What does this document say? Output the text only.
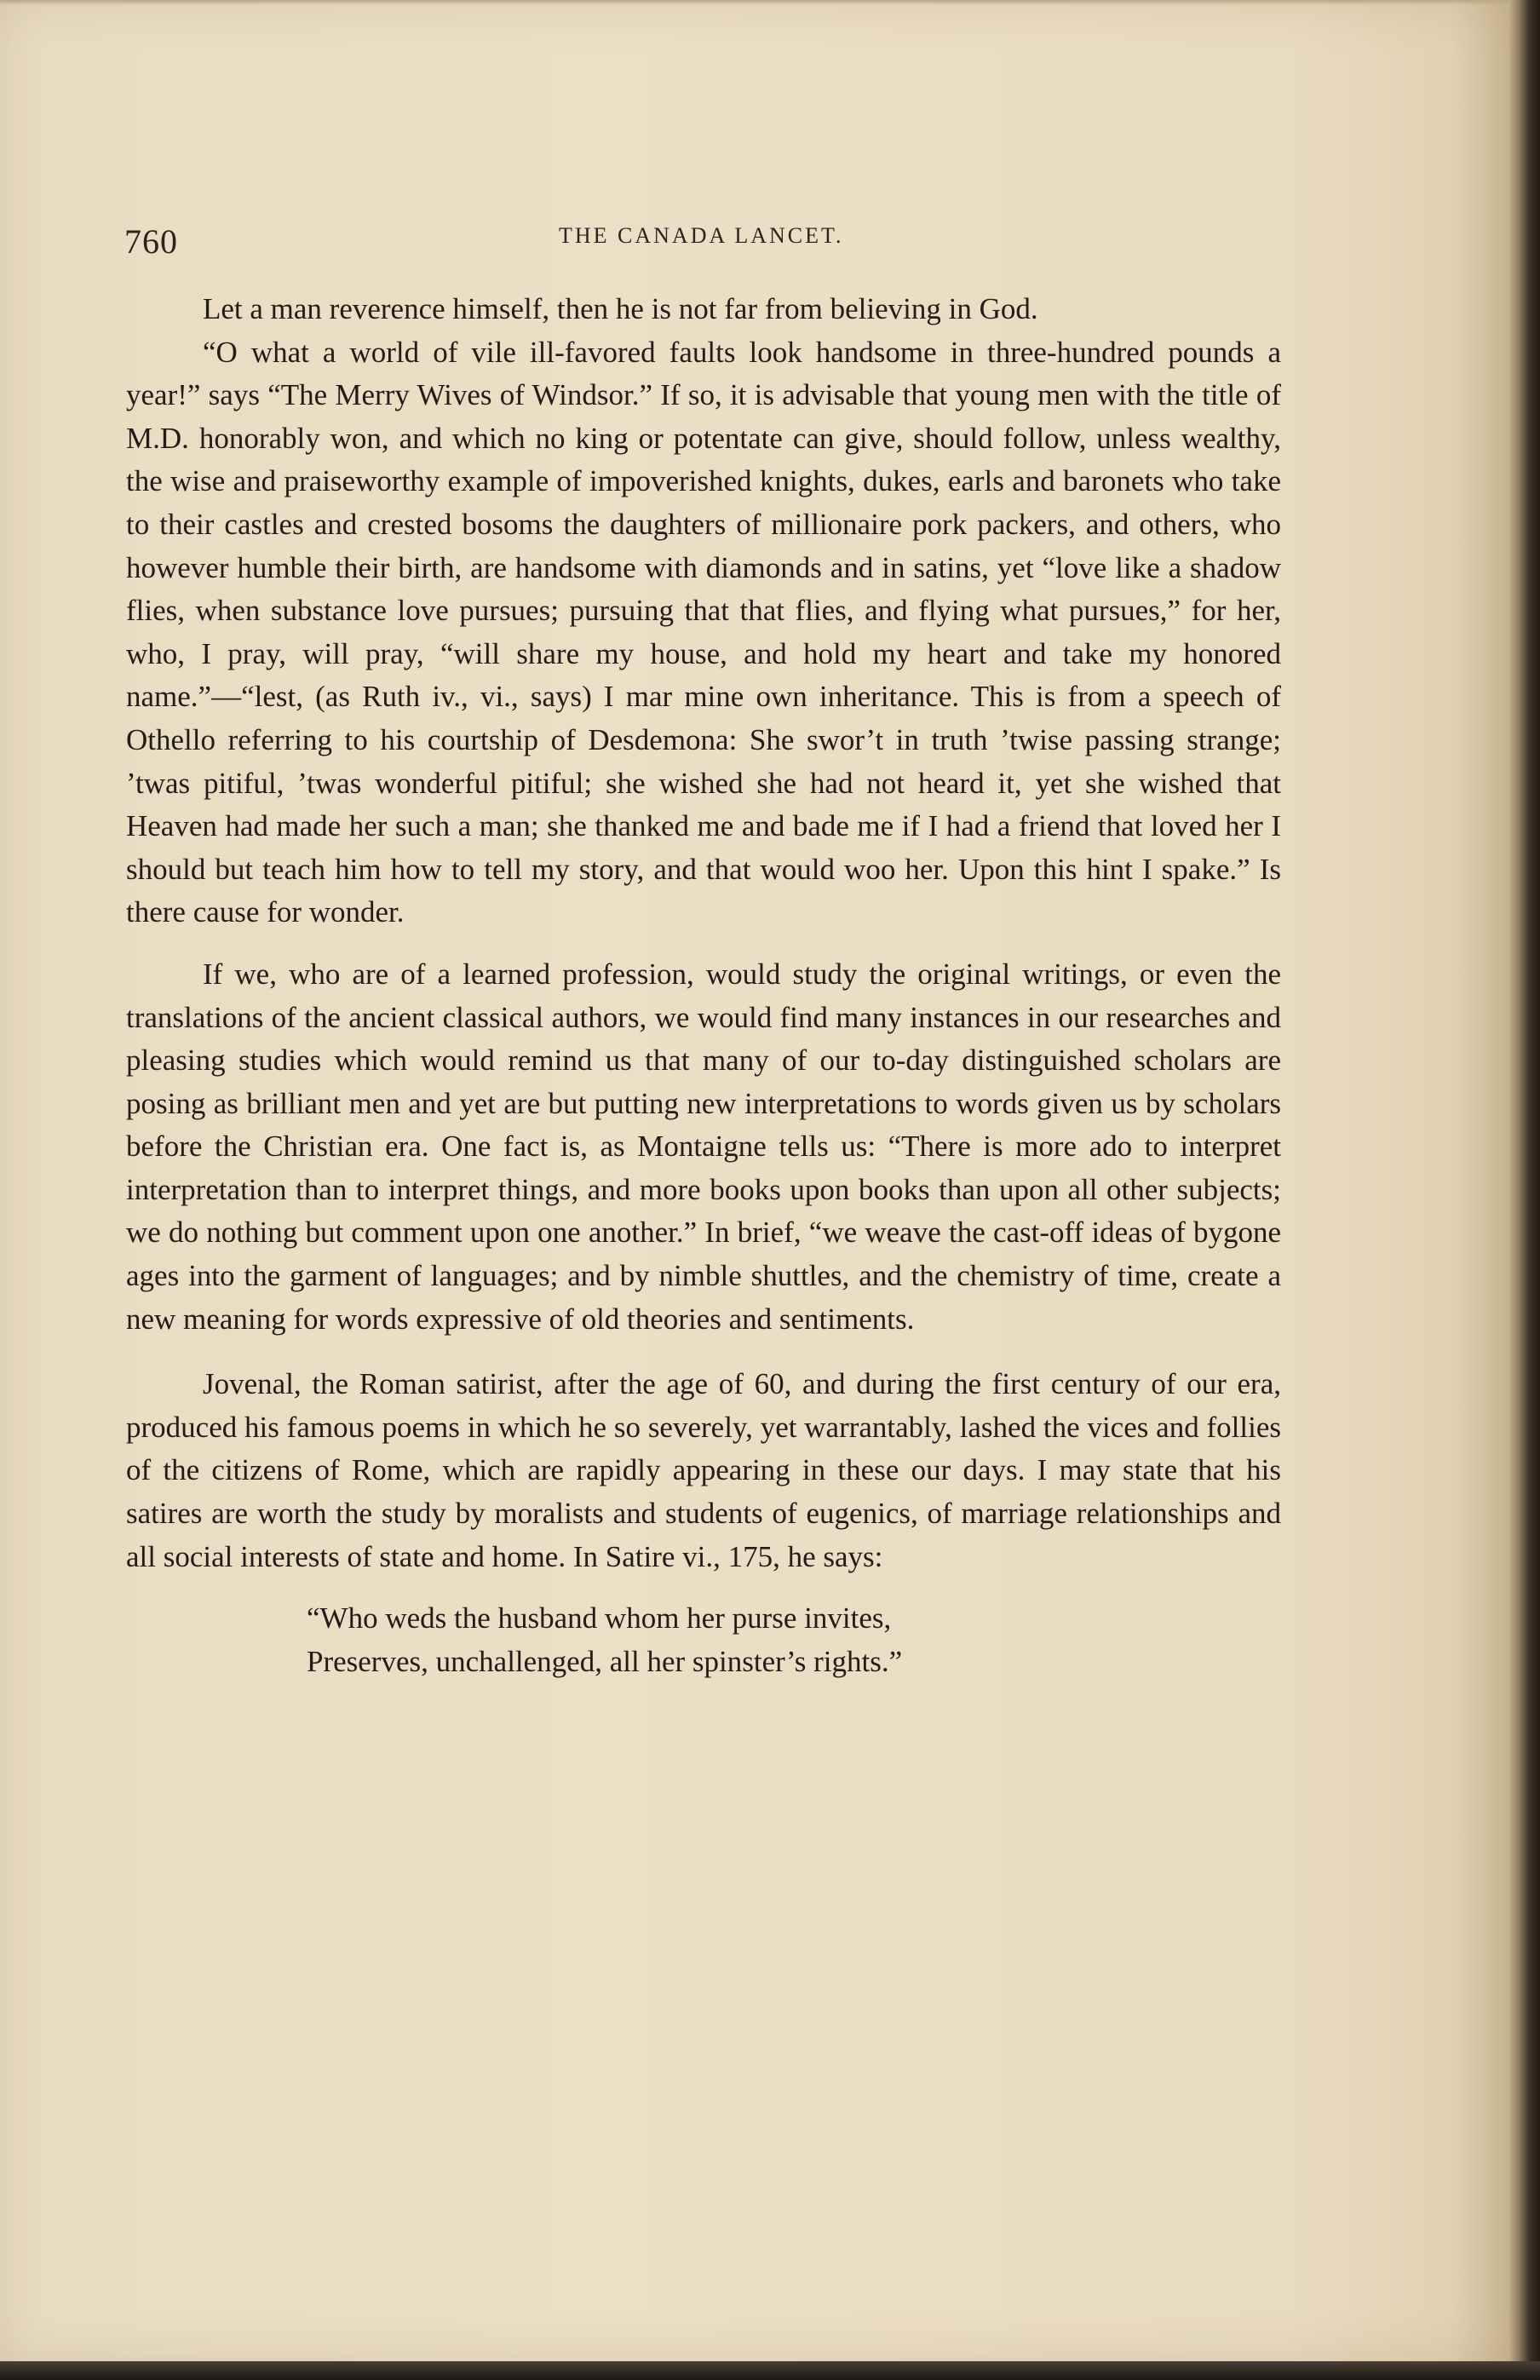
760	THE CANADA LANCET.

Let a man reverence himself, then he is not far from believing in God.

“O what a world of vile ill-favored faults look handsome in three-hundred pounds a year!” says “The Merry Wives of Windsor.” If so, it is advisable that young men with the title of M.D. honorably won, and which no king or potentate can give, should follow, unless wealthy, the wise and praiseworthy example of impoverished knights, dukes, earls and baronets who take to their castles and crested bosoms the daughters of millionaire pork packers, and others, who however humble their birth, are handsome with diamonds and in satins, yet “love like a shadow flies, when substance love pursues; pursuing that that flies, and flying what pursues,” for her, who, I pray, will pray, “will share my house, and hold my heart and take my honored name.”—“lest, (as Ruth iv., vi., says) I mar mine own inheritance. This is from a speech of Othello referring to his courtship of Desdemona: She swor’t in truth ’twise passing strange; ’twas pitiful, ’twas wonderful pitiful; she wished she had not heard it, yet she wished that Heaven had made her such a man; she thanked me and bade me if I had a friend that loved her I should but teach him how to tell my story, and that would woo her. Upon this hint I spake.” Is there cause for wonder.

If we, who are of a learned profession, would study the original writings, or even the translations of the ancient classical authors, we would find many instances in our researches and pleasing studies which would remind us that many of our to-day distinguished scholars are posing as brilliant men and yet are but putting new interpretations to words given us by scholars before the Christian era. One fact is, as Montaigne tells us: “There is more ado to interpret interpretation than to interpret things, and more books upon books than upon all other subjects; we do nothing but comment upon one another.” In brief, “we weave the cast-off ideas of bygone ages into the garment of languages; and by nimble shuttles, and the chemistry of time, create a new meaning for words expressive of old theories and sentiments.

Jovenal, the Roman satirist, after the age of 60, and during the first century of our era, produced his famous poems in which he so severely, yet warrantably, lashed the vices and follies of the citizens of Rome, which are rapidly appearing in these our days. I may state that his satires are worth the study by moralists and students of eugenics, of marriage relationships and all social interests of state and home. In Satire vi., 175, he says:

“Who weds the husband whom her purse invites,
Preserves, unchallenged, all her spinster’s rights.”
